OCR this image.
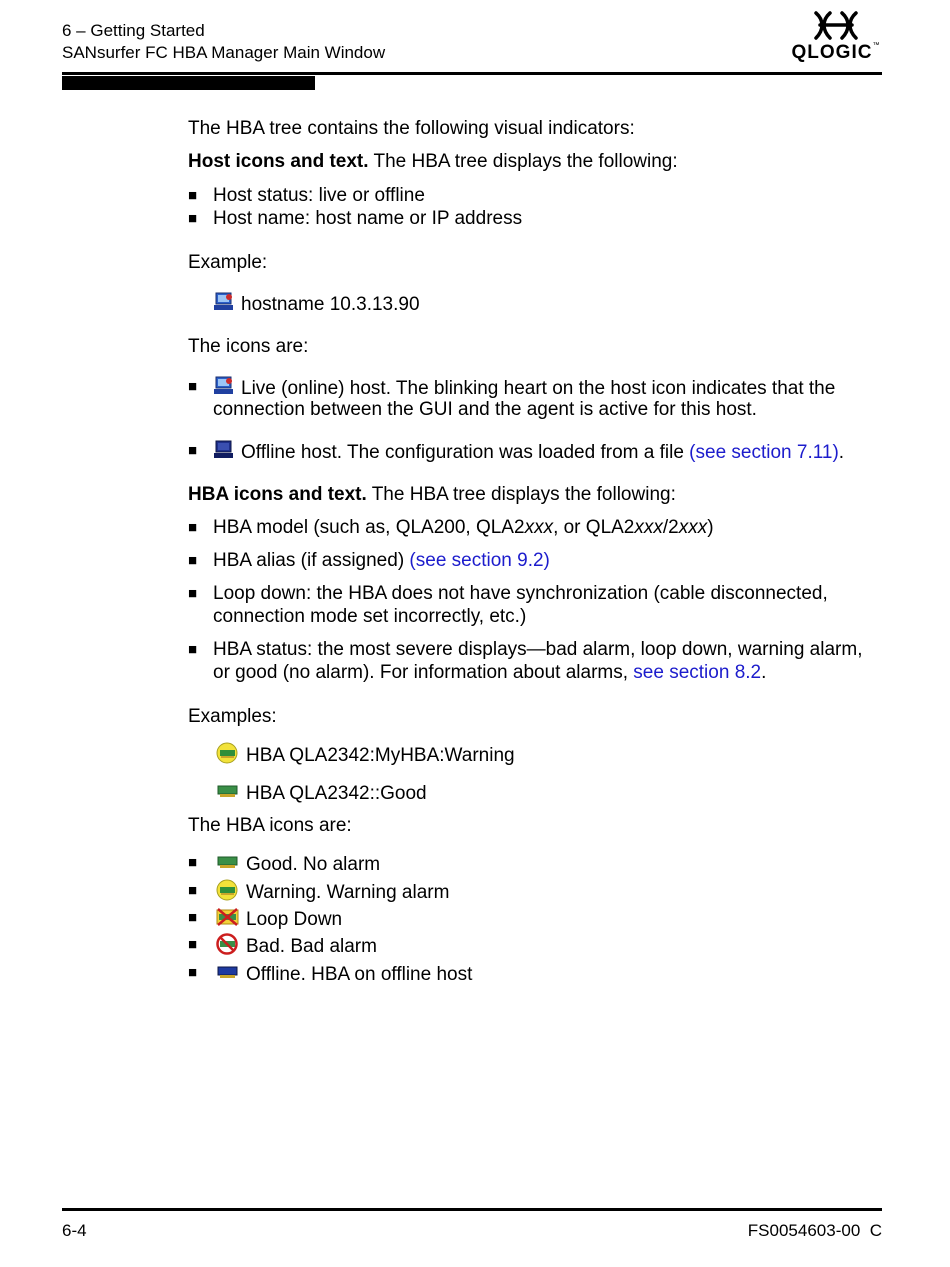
6 – Getting Started
SANsurfer FC HBA Manager Main Window	QLOGIC™
The HBA tree contains the following visual indicators:
Host icons and text. The HBA tree displays the following:
■ Host status: live or offline
■ Host name: host name or IP address
Example:
hostname 10.3.13.90
The icons are:
■	Live (online) host. The blinking heart on the host icon indicates that the
connection between the GUI and the agent is active for this host.
■	Offline host. The configuration was loaded from a file (see section 7.11).
HBA icons and text. The HBA tree displays the following:
■ HBA model (such as, QLA200, QLA2xxx, or QLA2xxx/2xxx)
■ HBA alias (if assigned) (see section 9.2)
■ Loop down: the HBA does not have synchronization (cable disconnected,
connection mode set incorrectly, etc.)
■ HBA status: the most severe displays—bad alarm, loop down, warning alarm,
or good (no alarm). For information about alarms, see section 8.2.
Examples:
HBA QLA2342:MyHBA:Warning
HBA QLA2342::Good
The HBA icons are:
■	Good. No alarm
■	Warning. Warning alarm
■	Loop Down
■	Bad. Bad alarm
■	Offline. HBA on offline host
6-4	FS0054603-00  C
